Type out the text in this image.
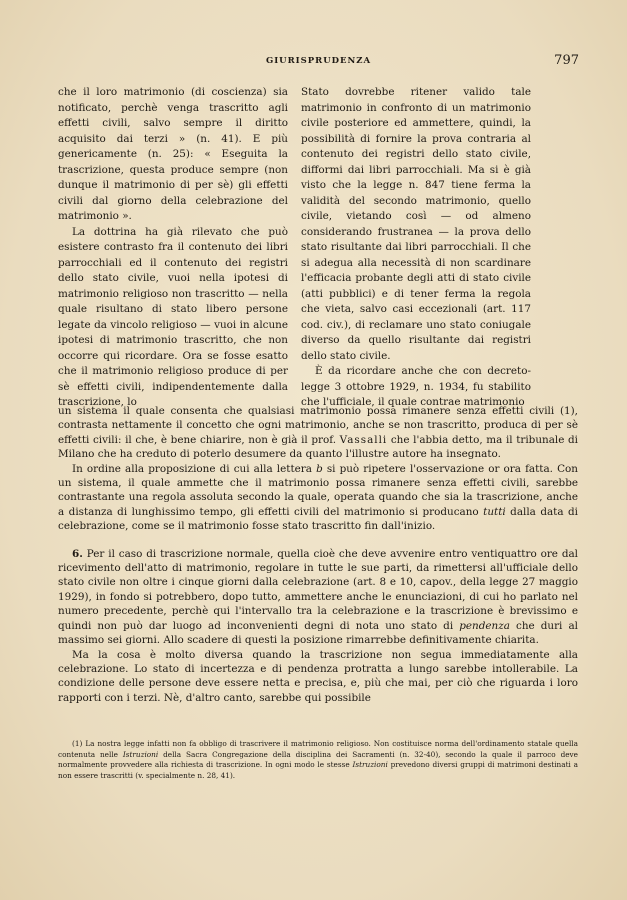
GIURISPRUDENZA	797

che il loro matrimonio (di coscienza) sia notificato, perchè venga trascritto agli effetti civili, salvo sempre il diritto acquisito dai terzi » (n. 41). E più genericamente (n. 25): « Eseguita la trascrizione, questa produce sempre (non dunque il matrimonio di per sè) gli effetti civili dal giorno della celebrazione del matrimonio ».

La dottrina ha già rilevato che può esistere contrasto fra il contenuto dei libri parrocchiali ed il contenuto dei registri dello stato civile, vuoi nella ipotesi di matrimonio religioso non trascritto — nella quale risultano di stato libero persone legate da vincolo religioso — vuoi in alcune ipotesi di matrimonio trascritto, che non occorre qui ricordare. Ora se fosse esatto che il matrimonio religioso produce di per sè effetti civili, indipendentemente dalla trascrizione, lo

Stato dovrebbe ritener valido tale matrimonio in confronto di un matrimonio civile posteriore ed ammettere, quindi, la possibilità di fornire la prova contraria al contenuto dei registri dello stato civile, difformi dai libri parrocchiali. Ma si è già visto che la legge n. 847 tiene ferma la validità del secondo matrimonio, quello civile, vietando così — od almeno considerando frustranea — la prova dello stato risultante dai libri parrocchiali. Il che si adegua alla necessità di non scardinare l'efficacia probante degli atti di stato civile (atti pubblici) e di tener ferma la regola che vieta, salvo casi eccezionali (art. 117 cod. civ.), di reclamare uno stato coniugale diverso da quello risultante dai registri dello stato civile.

È da ricordare anche che con decreto-legge 3 ottobre 1929, n. 1934, fu stabilito che l'ufficiale, il quale contrae matrimonio

un sistema il quale consenta che qualsiasi matrimonio possa rimanere senza effetti civili (1), contrasta nettamente il concetto che ogni matrimonio, anche se non trascritto, produca di per sè effetti civili: il che, è bene chiarire, non è già il prof. Vassalli che l'abbia detto, ma il tribunale di Milano che ha creduto di poterlo desumere da quanto l'illustre autore ha insegnato.

In ordine alla proposizione di cui alla lettera b si può ripetere l'osservazione or ora fatta. Con un sistema, il quale ammette che il matrimonio possa rimanere senza effetti civili, sarebbe contrastante una regola assoluta secondo la quale, operata quando che sia la trascrizione, anche a distanza di lunghissimo tempo, gli effetti civili del matrimonio si producano tutti dalla data di celebrazione, come se il matrimonio fosse stato trascritto fin dall'inizio.

6. Per il caso di trascrizione normale, quella cioè che deve avvenire entro ventiquattro ore dal ricevimento dell'atto di matrimonio, regolare in tutte le sue parti, da rimettersi all'ufficiale dello stato civile non oltre i cinque giorni dalla celebrazione (art. 8 e 10, capov., della legge 27 maggio 1929), in fondo si potrebbero, dopo tutto, ammettere anche le enunciazioni, di cui ho parlato nel numero precedente, perchè qui l'intervallo tra la celebrazione e la trascrizione è brevissimo e quindi non può dar luogo ad inconvenienti degni di nota uno stato di pendenza che duri al massimo sei giorni. Allo scadere di questi la posizione rimarrebbe definitivamente chiarita.

Ma la cosa è molto diversa quando la trascrizione non segua immediatamente alla celebrazione. Lo stato di incertezza e di pendenza protratta a lungo sarebbe intollerabile. La condizione delle persone deve essere netta e precisa, e, più che mai, per ciò che riguarda i loro rapporti con i terzi. Nè, d'altro canto, sarebbe qui possibile

(1) La nostra legge infatti non fa obbligo di trascrivere il matrimonio religioso. Non costituisce norma dell'ordinamento statale quella contenuta nelle Istruzioni della Sacra Congregazione della disciplina dei Sacramenti (n. 32-40), secondo la quale il parroco deve normalmente provvedere alla richiesta di trascrizione. In ogni modo le stesse Istruzioni prevedono diversi gruppi di matrimoni destinati a non essere trascritti (v. specialmente n. 28, 41).
